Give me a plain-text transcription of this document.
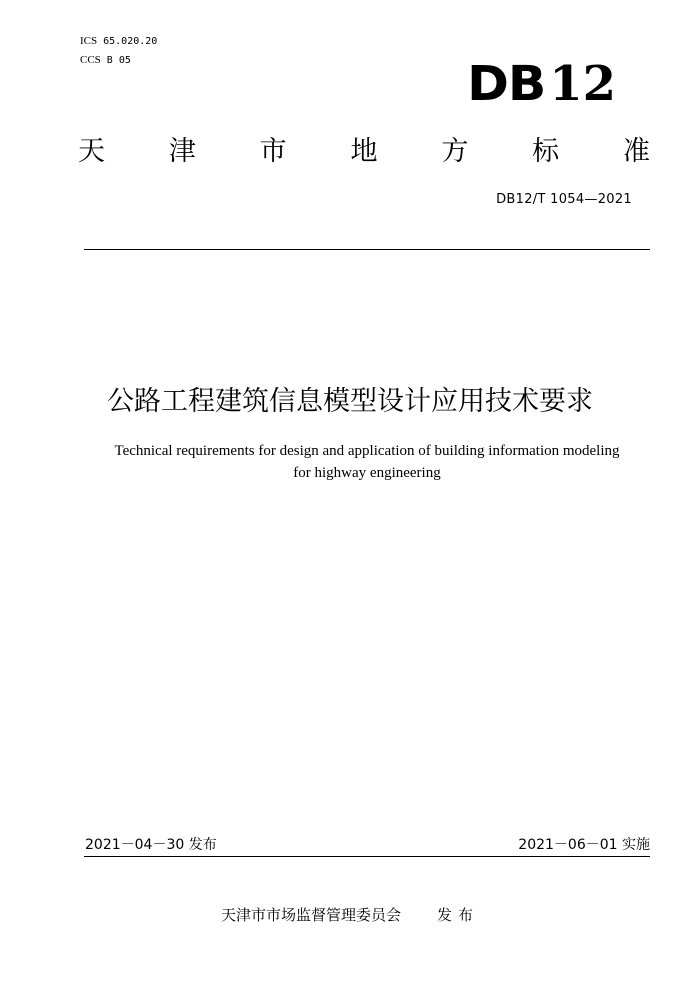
ICS 65.020.20
CCS B 05	DB12
天 津 市 地 方 标 准
DB12/T 1054—2021
公路工程建筑信息模型设计应用技术要求
Technical requirements for design and application of building information modeling
for highway engineering
2021－04－30 发布	2021－06－01 实施
天津市市场监督管理委员会 发布
